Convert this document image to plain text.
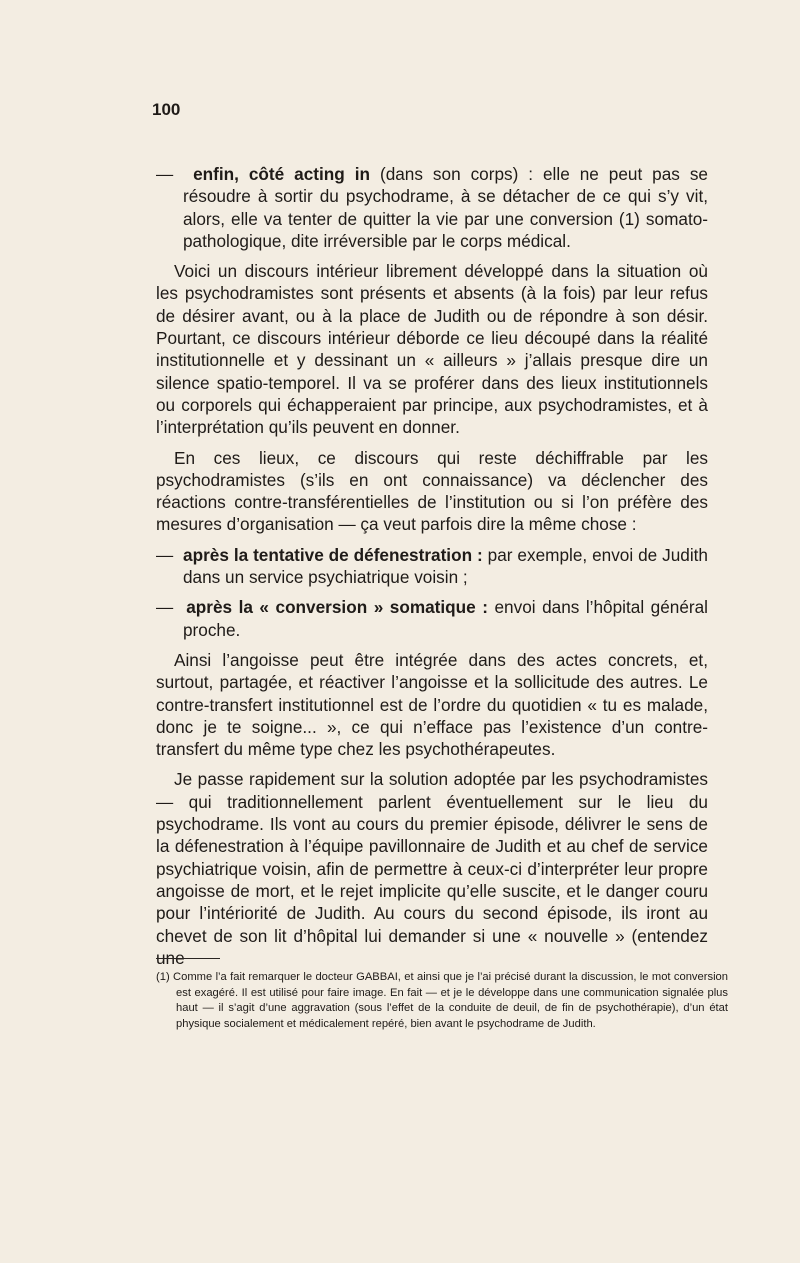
100

— enfin, côté acting in (dans son corps) : elle ne peut pas se résoudre à sortir du psychodrame, à se détacher de ce qui s’y vit, alors, elle va tenter de quitter la vie par une conversion (1) somato-pathologique, dite irréversible par le corps médical.

Voici un discours intérieur librement développé dans la situation où les psychodramistes sont présents et absents (à la fois) par leur refus de désirer avant, ou à la place de Judith ou de répondre à son désir. Pourtant, ce discours intérieur déborde ce lieu découpé dans la réalité institutionnelle et y dessinant un « ailleurs » j’allais presque dire un silence spatio-temporel. Il va se proférer dans des lieux institutionnels ou corporels qui échapperaient par principe, aux psychodramistes, et à l’interprétation qu’ils peuvent en donner.

En ces lieux, ce discours qui reste déchiffrable par les psychodramistes (s’ils en ont connaissance) va déclencher des réactions contre-transférentielles de l’institution ou si l’on préfère des mesures d’organisation — ça veut parfois dire la même chose :

— après la tentative de défenestration : par exemple, envoi de Judith dans un service psychiatrique voisin ;

— après la « conversion » somatique : envoi dans l’hôpital général proche.

Ainsi l’angoisse peut être intégrée dans des actes concrets, et, surtout, partagée, et réactiver l’angoisse et la sollicitude des autres. Le contre-transfert institutionnel est de l’ordre du quotidien « tu es malade, donc je te soigne... », ce qui n’efface pas l’existence d’un contre-transfert du même type chez les psychothérapeutes.

Je passe rapidement sur la solution adoptée par les psychodramistes — qui traditionnellement parlent éventuellement sur le lieu du psychodrame. Ils vont au cours du premier épisode, délivrer le sens de la défenestration à l’équipe pavillonnaire de Judith et au chef de service psychiatrique voisin, afin de permettre à ceux-ci d’interpréter leur propre angoisse de mort, et le rejet implicite qu’elle suscite, et le danger couru pour l’intériorité de Judith. Au cours du second épisode, ils iront au chevet de son lit d’hôpital lui demander si une « nouvelle » (entendez une

(1) Comme l’a fait remarquer le docteur GABBAI, et ainsi que je l’ai précisé durant la discussion, le mot conversion est exagéré. Il est utilisé pour faire image. En fait — et je le développe dans une communication signalée plus haut — il s’agit d’une aggravation (sous l’effet de la conduite de deuil, de fin de psychothérapie), d’un état physique socialement et médicalement repéré, bien avant le psychodrame de Judith.
